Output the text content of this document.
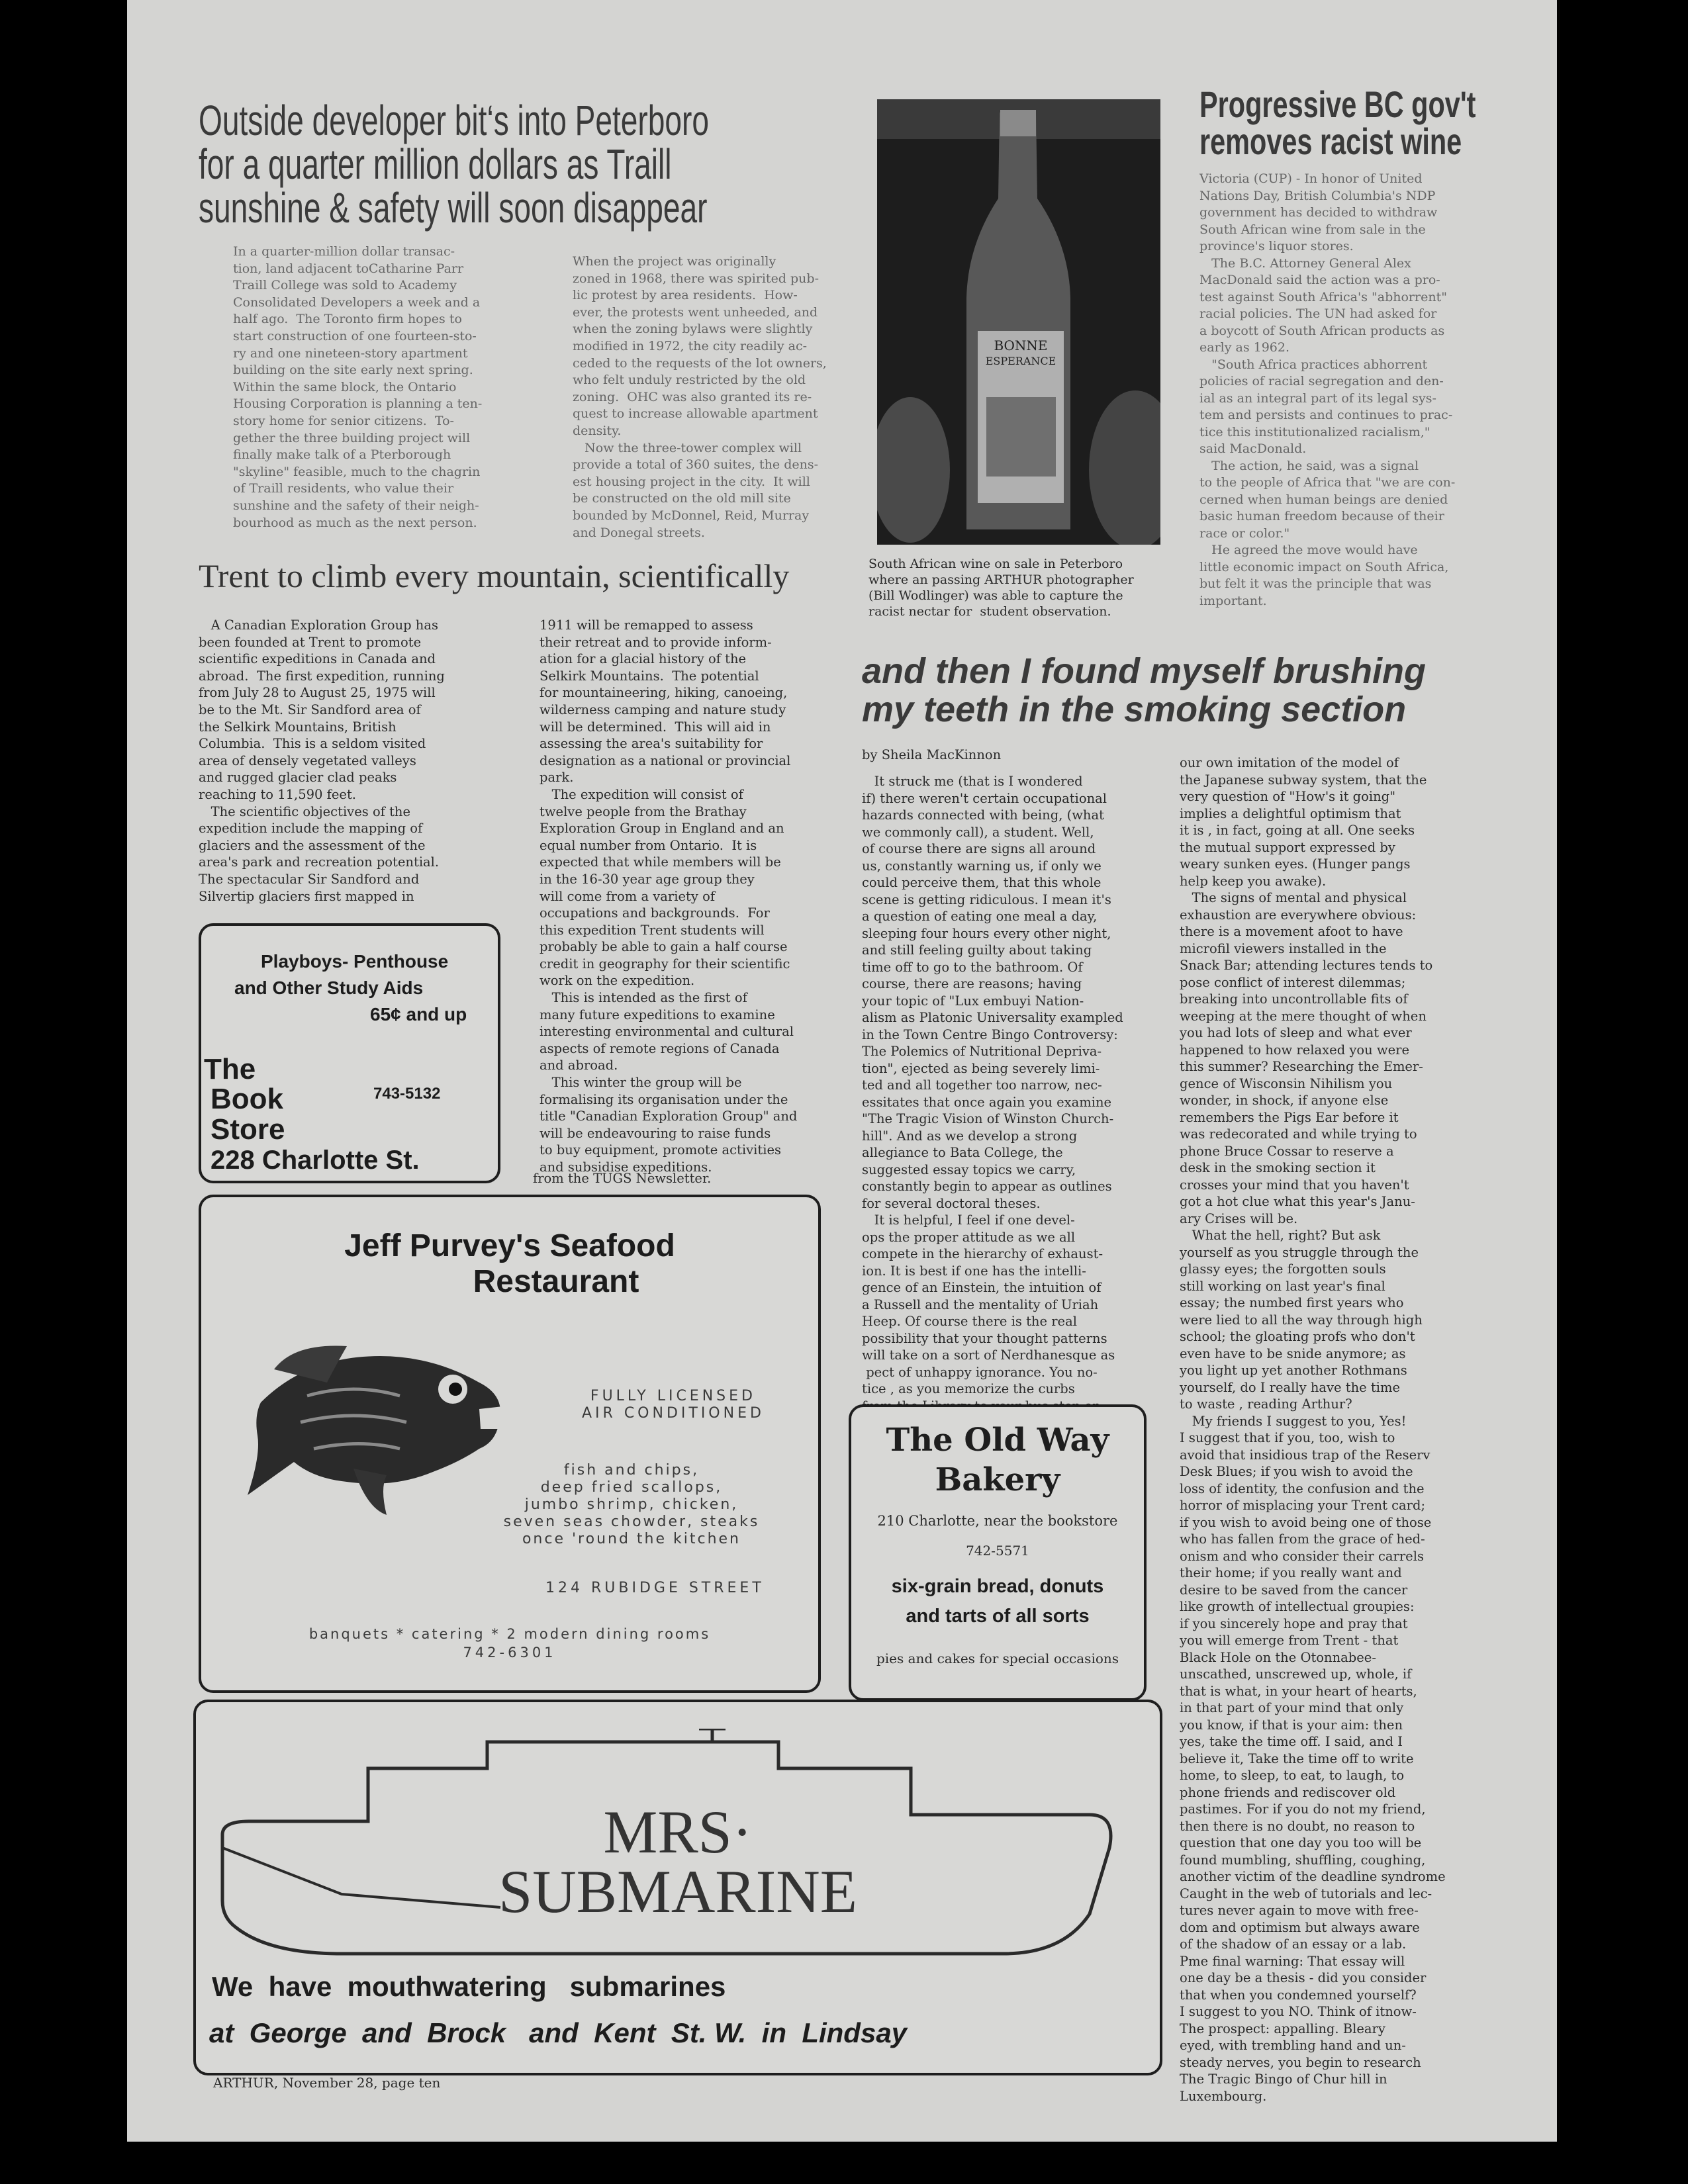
Outside developer bit‘s into Peterboro
for a quarter million dollars as Traill
sunshine & safety will soon disappear

In a quarter-million dollar transac-
tion, land adjacent toCatharine Parr
Traill College was sold to Academy
Consolidated Developers a week and a
half ago.  The Toronto firm hopes to
start construction of one fourteen-sto-
ry and one nineteen-story apartment
building on the site early next spring.
Within the same block, the Ontario
Housing Corporation is planning a ten-
story home for senior citizens.  To-
gether the three building project will
finally make talk of a Pterborough
"skyline" feasible, much to the chagrin
of Traill residents, who value their
sunshine and the safety of their neigh-
bourhood as much as the next person.

When the project was originally
zoned in 1968, there was spirited pub-
lic protest by area residents.  How-
ever, the protests went unheeded, and
when the zoning bylaws were slightly
modified in 1972, the city readily ac-
ceded to the requests of the lot owners,
who felt unduly restricted by the old
zoning.  OHC was also granted its re-
quest to increase allowable apartment
density.
Now the three-tower complex will
provide a total of 360 suites, the dens-
est housing project in the city.  It will
be constructed on the old mill site
bounded by McDonnel, Reid, Murray
and Donegal streets.

BONNE
ESPERANCE

South African wine on sale in Peterboro
where an passing ARTHUR photographer
(Bill Wodlinger) was able to capture the
racist nectar for  student observation.

Progressive BC gov't
removes racist wine

Victoria (CUP) - In honor of United
Nations Day, British Columbia's NDP
government has decided to withdraw
South African wine from sale in the
province's liquor stores.
The B.C. Attorney General Alex
MacDonald said the action was a pro-
test against South Africa's "abhorrent"
racial policies. The UN had asked for
a boycott of South African products as
early as 1962.
"South Africa practices abhorrent
policies of racial segregation and den-
ial as an integral part of its legal sys-
tem and persists and continues to prac-
tice this institutionalized racialism,"
said MacDonald.
The action, he said, was a signal
to the people of Africa that "we are con-
cerned when human beings are denied
basic human freedom because of their
race or color."
He agreed the move would have
little economic impact on South Africa,
but felt it was the principle that was
important.

Trent to climb every mountain, scientifically

A Canadian Exploration Group has
been founded at Trent to promote
scientific expeditions in Canada and
abroad.  The first expedition, running
from July 28 to August 25, 1975 will
be to the Mt. Sir Sandford area of
the Selkirk Mountains, British
Columbia.  This is a seldom visited
area of densely vegetated valleys
and rugged glacier clad peaks
reaching to 11,590 feet.
The scientific objectives of the
expedition include the mapping of
glaciers and the assessment of the
area's park and recreation potential.
The spectacular Sir Sandford and
Silvertip glaciers first mapped in

1911 will be remapped to assess
their retreat and to provide inform-
ation for a glacial history of the
Selkirk Mountains.  The potential
for mountaineering, hiking, canoeing,
wilderness camping and nature study
will be determined.  This will aid in
assessing the area's suitability for
designation as a national or provincial
park.
The expedition will consist of
twelve people from the Brathay
Exploration Group in England and an
equal number from Ontario.  It is
expected that while members will be
in the 16-30 year age group they
will come from a variety of
occupations and backgrounds.  For
this expedition Trent students will
probably be able to gain a half course
credit in geography for their scientific
work on the expedition.
This is intended as the first of
many future expeditions to examine
interesting environmental and cultural
aspects of remote regions of Canada
and abroad.
This winter the group will be
formalising its organisation under the
title "Canadian Exploration Group" and
will be endeavouring to raise funds
to buy equipment, promote activities
and subsidise expeditions.

from the TUGS Newsletter.
Playboys- Penthouse
and Other Study Aids
65¢ and up
The
Book
Store
743-5132
228 Charlotte St.
Jeff Purvey's Seafood
Restaurant
FULLY LICENSED
AIR CONDITIONED
fish and chips,
deep fried scallops,
jumbo shrimp, chicken,
seven seas chowder, steaks
once 'round the kitchen
124 RUBIDGE STREET
banquets * catering * 2 modern dining rooms
742-6301
and then I found myself brushing
my teeth in the smoking section
by Sheila MacKinnon

It struck me (that is I wondered
if) there weren't certain occupational
hazards connected with being, (what
we commonly call), a student. Well,
of course there are signs all around
us, constantly warning us, if only we
could perceive them, that this whole
scene is getting ridiculous. I mean it's
a question of eating one meal a day,
sleeping four hours every other night,
and still feeling guilty about taking
time off to go to the bathroom. Of
course, there are reasons; having
your topic of "Lux embuyi Nation-
alism as Platonic Universality exampled
in the Town Centre Bingo Controversy:
The Polemics of Nutritional Depriva-
tion", ejected as being severely limi-
ted and all together too narrow, nec-
essitates that once again you examine
"The Tragic Vision of Winston Church-
hill". And as we develop a strong
allegiance to Bata College, the
suggested essay topics we carry,
constantly begin to appear as outlines
for several doctoral theses.
It is helpful, I feel if one devel-
ops the proper attitude as we all
compete in the hierarchy of exhaust-
ion. It is best if one has the intelli-
gence of an Einstein, the intuition of
a Russell and the mentality of Uriah
Heep. Of course there is the real
possibility that your thought patterns
will take on a sort of Nerdhanesque as
pect of unhappy ignorance. You no-
tice , as you memorize the curbs

our own imitation of the model of
the Japanese subway system, that the
very question of "How's it going"
implies a delightful optimism that
it is , in fact, going at all. One seeks
the mutual support expressed by
weary sunken eyes. (Hunger pangs
help keep you awake).
The signs of mental and physical
exhaustion are everywhere obvious:
there is a movement afoot to have
microfil viewers installed in the
Snack Bar; attending lectures tends to
pose conflict of interest dilemmas;
breaking into uncontrollable fits of
weeping at the mere thought of when
you had lots of sleep and what ever
happened to how relaxed you were
this summer? Researching the Emer-
gence of Wisconsin Nihilism you
wonder, in shock, if anyone else
remembers the Pigs Ear before it
was redecorated and while trying to
phone Bruce Cossar to reserve a
desk in the smoking section it
crosses your mind that you haven't
got a hot clue what this year's Janu-
ary Crises will be.
What the hell, right? But ask
yourself as you struggle through the
glassy eyes; the forgotten souls
still working on last year's final
essay; the numbed first years who
were lied to all the way through high
school; the gloating profs who don't
even have to be snide anymore; as
you light up yet another Rothmans
yourself, do I really have the time
to waste , reading Arthur?
My friends I suggest to you, Yes!
I suggest that if you, too, wish to
avoid that insidious trap of the Reserv
Desk Blues; if you wish to avoid the
loss of identity, the confusion and the
horror of misplacing your Trent card;
if you wish to avoid being one of those
who has fallen from the grace of hed-
onism and who consider their carrels
their home; if you really want and
desire to be saved from the cancer
like growth of intellectual groupies:
if you sincerely hope and pray that
you will emerge from Trent - that
Black Hole on the Otonnabee-
unscathed, unscrewed up, whole, if
that is what, in your heart of hearts,
in that part of your mind that only
you know, if that is your aim: then
yes, take the time off. I said, and I
believe it, Take the time off to write
home, to sleep, to eat, to laugh, to
phone friends and rediscover old
pastimes. For if you do not my friend,
then there is no doubt, no reason to
question that one day you too will be
found mumbling, shuffling, coughing,
another victim of the deadline syndrome
Caught in the web of tutorials and lec-
tures never again to move with free-
dom and optimism but always aware
of the shadow of an essay or a lab.
Pme final warning: That essay will
one day be a thesis - did you consider
that when you condemned yourself?
I suggest to you NO. Think of itnow-
The prospect: appalling. Bleary
eyed, with trembling hand and un-
steady nerves, you begin to research
The Tragic Bingo of Chur hill in
Luxembourg.

The Old Way
Bakery
210 Charlotte, near the bookstore
742-5571
six-grain bread, donuts
and tarts of all sorts
pies and cakes for special occasions
MRS·
SUBMARINE
We  have  mouthwatering   submarines
at  George  and  Brock   and  Kent  St. W.  in  Lindsay
ARTHUR, November 28, page ten
